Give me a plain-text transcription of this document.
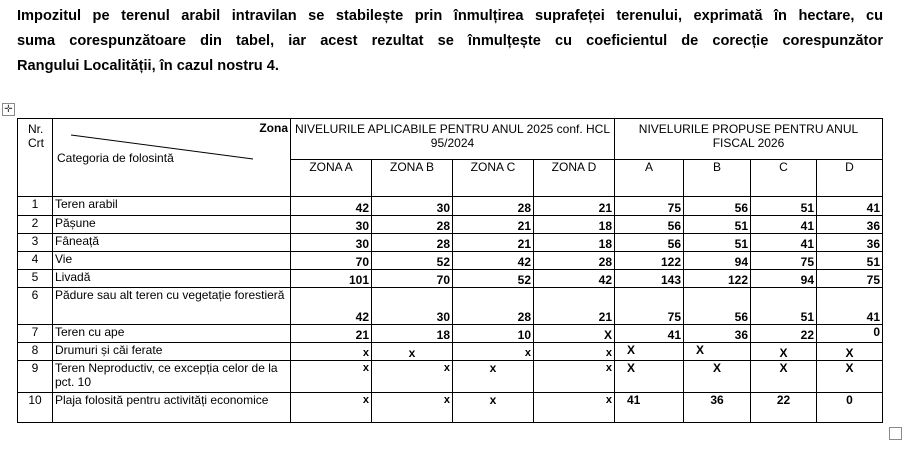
Impozitul pe terenul arabil intravilan se stabilește prin înmulțirea suprafeței terenului, exprimată în hectare, cu
suma corespunzătoare din tabel, iar acest rezultat se înmulțește cu coeficientul de corecție corespunzător
Rangului Localității, în cazul nostru 4.
✛
Nr. Crt	Zona
Categoria de folosintă	NIVELURILE APLICABILE PENTRU ANUL 2025 conf. HCL 95/2024				NIVELURILE PROPUSE PENTRU ANUL FISCAL 2026			
		ZONA A	ZONA B	ZONA C	ZONA D	A	B	C	D
1	Teren arabil	42	30	28	21	75	56	51	41
2	Pășune	30	28	21	18	56	51	41	36
3	Fâneață	30	28	21	18	56	51	41	36
4	Vie	70	52	42	28	122	94	75	51
5	Livadă	101	70	52	42	143	122	94	75
6	Pădure sau alt teren cu vegetație forestieră	42	30	28	21	75	56	51	41
7	Teren cu ape	21	18	10	X	41	36	22	0
8	Drumuri și căi ferate	x	x	x	x	X	X	X	X
9	Teren Neproductiv, ce excepția celor de la pct. 10	x	x	x	x	X	X	X	X
10	Plaja folosită pentru activități economice	x	x	x	x	41	36	22	0
